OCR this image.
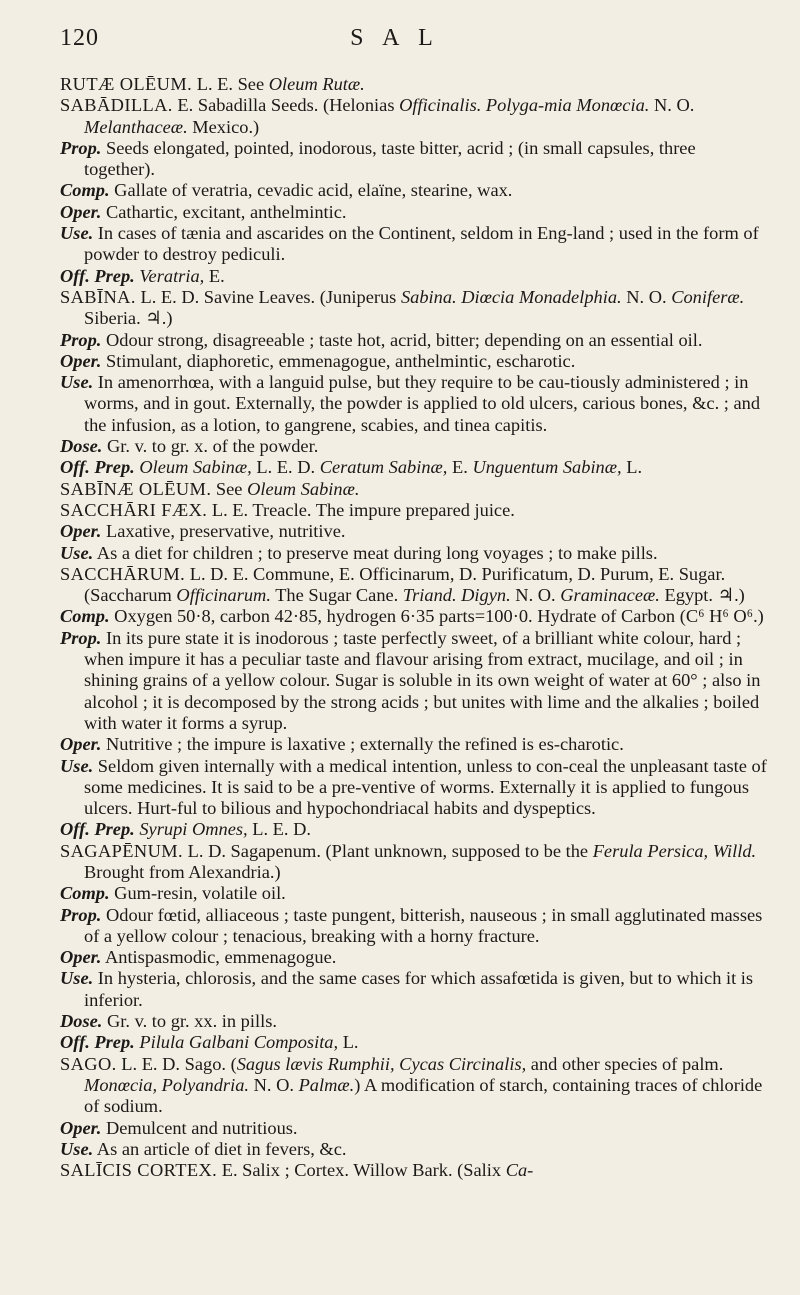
120	S A L

RUTÆ OLĒUM. L. E. See Oleum Rutæ.

SABĀDILLA. E. Sabadilla Seeds. (Helonias Officinalis. Polyga-mia Monœcia. N. O. Melanthaceæ. Mexico.)

Prop. Seeds elongated, pointed, inodorous, taste bitter, acrid ; (in small capsules, three together).

Comp. Gallate of veratria, cevadic acid, elaïne, stearine, wax.

Oper. Cathartic, excitant, anthelmintic.

Use. In cases of tænia and ascarides on the Continent, seldom in Eng-land ; used in the form of powder to destroy pediculi.

Off. Prep. Veratria, E.

SABĪNA. L. E. D. Savine Leaves. (Juniperus Sabina. Diœcia Monadelphia. N. O. Coniferæ. Siberia. ♃.)

Prop. Odour strong, disagreeable ; taste hot, acrid, bitter; depending on an essential oil.

Oper. Stimulant, diaphoretic, emmenagogue, anthelmintic, escharotic.

Use. In amenorrhœa, with a languid pulse, but they require to be cau-tiously administered ; in worms, and in gout. Externally, the powder is applied to old ulcers, carious bones, &c. ; and the infusion, as a lotion, to gangrene, scabies, and tinea capitis.

Dose. Gr. v. to gr. x. of the powder.

Off. Prep. Oleum Sabinæ, L. E. D. Ceratum Sabinæ, E. Unguentum Sabinæ, L.

SABĪNÆ OLĒUM. See Oleum Sabinæ.

SACCHĀRI FÆX. L. E. Treacle. The impure prepared juice.

Oper. Laxative, preservative, nutritive.

Use. As a diet for children ; to preserve meat during long voyages ; to make pills.

SACCHĀRUM. L. D. E. Commune, E. Officinarum, D. Purificatum, D. Purum, E. Sugar. (Saccharum Officinarum. The Sugar Cane. Triand. Digyn. N. O. Graminaceæ. Egypt. ♃.)

Comp. Oxygen 50·8, carbon 42·85, hydrogen 6·35 parts=100·0. Hydrate of Carbon (C⁶ H⁶ O⁶.)

Prop. In its pure state it is inodorous ; taste perfectly sweet, of a brilliant white colour, hard ; when impure it has a peculiar taste and flavour arising from extract, mucilage, and oil ; in shining grains of a yellow colour. Sugar is soluble in its own weight of water at 60° ; also in alcohol ; it is decomposed by the strong acids ; but unites with lime and the alkalies ; boiled with water it forms a syrup.

Oper. Nutritive ; the impure is laxative ; externally the refined is es-charotic.

Use. Seldom given internally with a medical intention, unless to con-ceal the unpleasant taste of some medicines. It is said to be a pre-ventive of worms. Externally it is applied to fungous ulcers. Hurt-ful to bilious and hypochondriacal habits and dyspeptics.

Off. Prep. Syrupi Omnes, L. E. D.

SAGAPĒNUM. L. D. Sagapenum. (Plant unknown, supposed to be the Ferula Persica, Willd. Brought from Alexandria.)

Comp. Gum-resin, volatile oil.

Prop. Odour fœtid, alliaceous ; taste pungent, bitterish, nauseous ; in small agglutinated masses of a yellow colour ; tenacious, breaking with a horny fracture.

Oper. Antispasmodic, emmenagogue.

Use. In hysteria, chlorosis, and the same cases for which assafœtida is given, but to which it is inferior.

Dose. Gr. v. to gr. xx. in pills.

Off. Prep. Pilula Galbani Composita, L.

SAGO. L. E. D. Sago. (Sagus lævis Rumphii, Cycas Circinalis, and other species of palm. Monœcia, Polyandria. N. O. Palmæ.) A modification of starch, containing traces of chloride of sodium.

Oper. Demulcent and nutritious.

Use. As an article of diet in fevers, &c.

SALĪCIS CORTEX. E. Salix ; Cortex. Willow Bark. (Salix Ca-
